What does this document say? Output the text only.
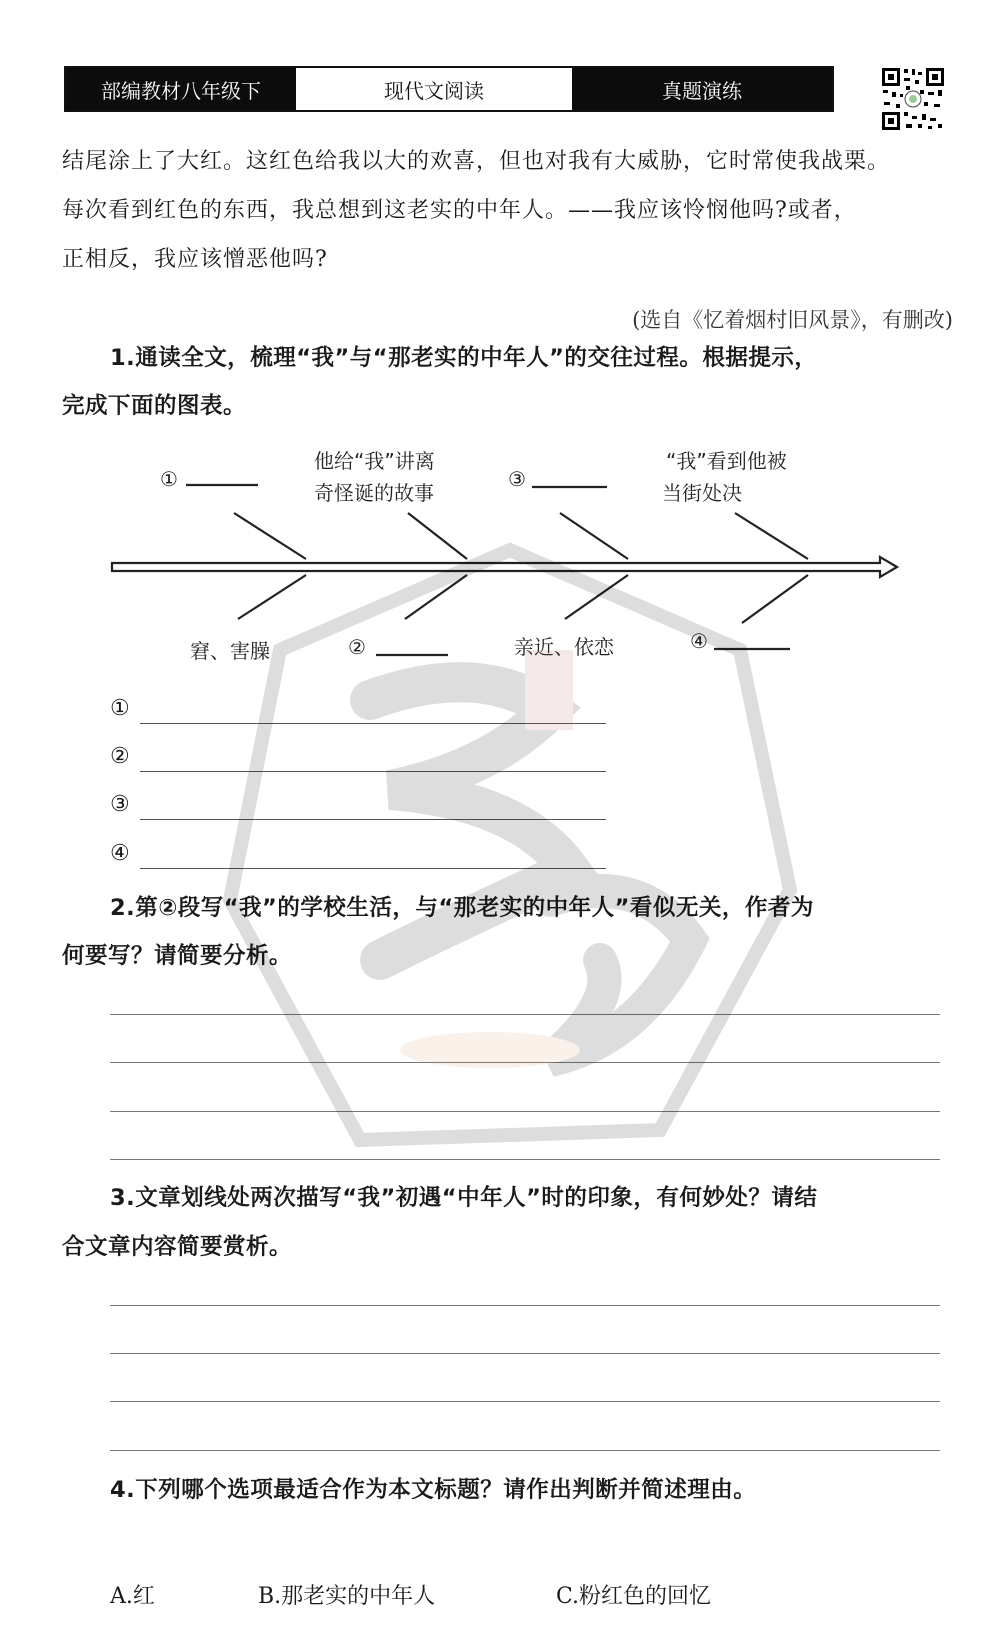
部编教材八年级下	现代文阅读	真题演练
结尾涂上了大红。这红色给我以大的欢喜，但也对我有大威胁，它时常使我战栗。
每次看到红色的东西，我总想到这老实的中年人。——我应该怜悯他吗?或者，
正相反，我应该憎恶他吗?
(选自《忆着烟村旧风景》，有删改)
1.通读全文，梳理“我”与“那老实的中年人”的交往过程。根据提示，
完成下面的图表。
①
他给“我”讲离
奇怪诞的故事
③
“我”看到他被
当街处决
窘、害臊	②	亲近、依恋	④
①
②
③
④
2.第②段写“我”的学校生活，与“那老实的中年人”看似无关，作者为
何要写？请简要分析。
3.文章划线处两次描写“我”初遇“中年人”时的印象，有何妙处？请结
合文章内容简要赏析。
4.下列哪个选项最适合作为本文标题？请作出判断并简述理由。
A.红	B.那老实的中年人	C.粉红色的回忆
